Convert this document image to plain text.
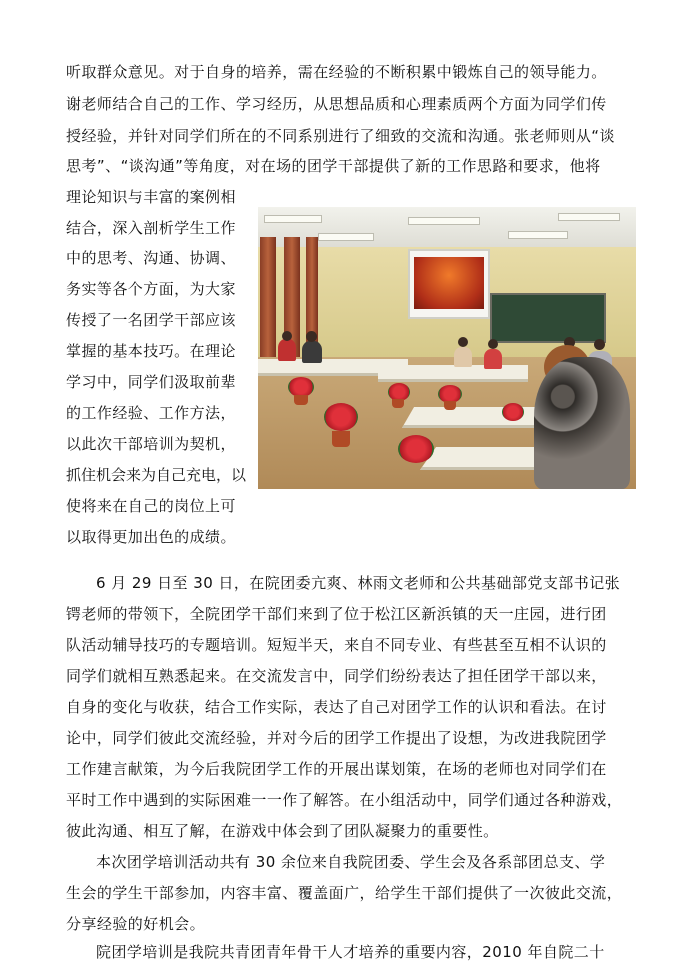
听取群众意见。对于自身的培养，需在经验的不断积累中锻炼自己的领导能力。
谢老师结合自己的工作、学习经历，从思想品质和心理素质两个方面为同学们传
授经验，并针对同学们所在的不同系别进行了细致的交流和沟通。张老师则从“谈
思考”、“谈沟通”等角度，对在场的团学干部提供了新的工作思路和要求，他将
理论知识与丰富的案例相
结合，深入剖析学生工作
中的思考、沟通、协调、
务实等各个方面，为大家
传授了一名团学干部应该
掌握的基本技巧。在理论
学习中，同学们汲取前辈
的工作经验、工作方法，
以此次干部培训为契机，
抓住机会来为自己充电，以
使将来在自己的岗位上可
以取得更加出色的成绩。
6 月 29 日至 30 日，在院团委亢爽、林雨文老师和公共基础部党支部书记张
锷老师的带领下，全院团学干部们来到了位于松江区新浜镇的天一庄园，进行团
队活动辅导技巧的专题培训。短短半天，来自不同专业、有些甚至互相不认识的
同学们就相互熟悉起来。在交流发言中，同学们纷纷表达了担任团学干部以来，
自身的变化与收获，结合工作实际，表达了自己对团学工作的认识和看法。在讨
论中，同学们彼此交流经验，并对今后的团学工作提出了设想，为改进我院团学
工作建言献策，为今后我院团学工作的开展出谋划策，在场的老师也对同学们在
平时工作中遇到的实际困难一一作了解答。在小组活动中，同学们通过各种游戏，
彼此沟通、相互了解，在游戏中体会到了团队凝聚力的重要性。
本次团学培训活动共有 30 余位来自我院团委、学生会及各系部团总支、学
生会的学生干部参加，内容丰富、覆盖面广，给学生干部们提供了一次彼此交流，
分享经验的好机会。
院团学培训是我院共青团青年骨干人才培养的重要内容，2010 年自院二十
